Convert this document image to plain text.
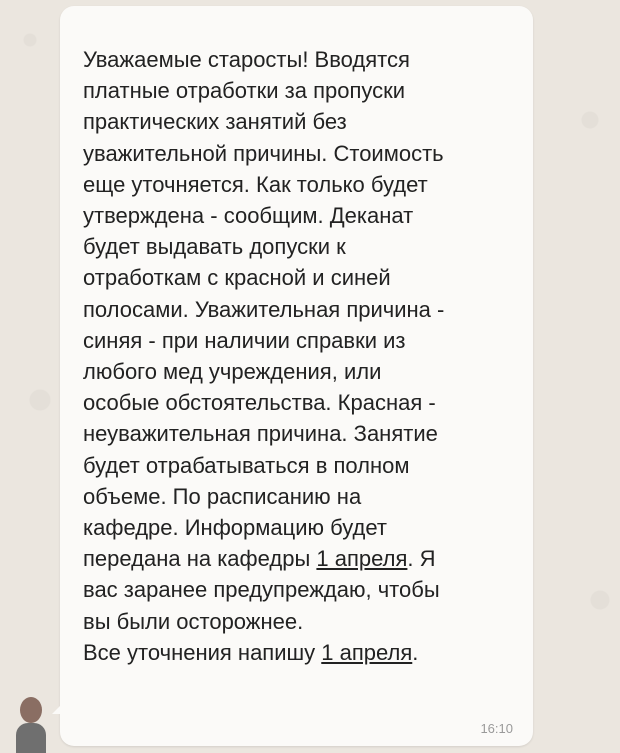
Уважаемые старосты! Вводятся
платные отработки за пропуски
практических занятий без
уважительной причины. Стоимость
еще уточняется. Как только будет
утверждена - сообщим. Деканат
будет выдавать допуски к
отработкам с красной и синей
полосами. Уважительная причина -
синяя - при наличии справки из
любого мед учреждения, или
особые обстоятельства. Красная -
неуважительная причина. Занятие
будет отрабатываться в полном
объеме. По расписанию на
кафедре. Информацию будет
передана на кафедры 1 апреля. Я
вас заранее предупреждаю, чтобы
вы были осторожнее.
Все уточнения напишу 1 апреля.

16:10
